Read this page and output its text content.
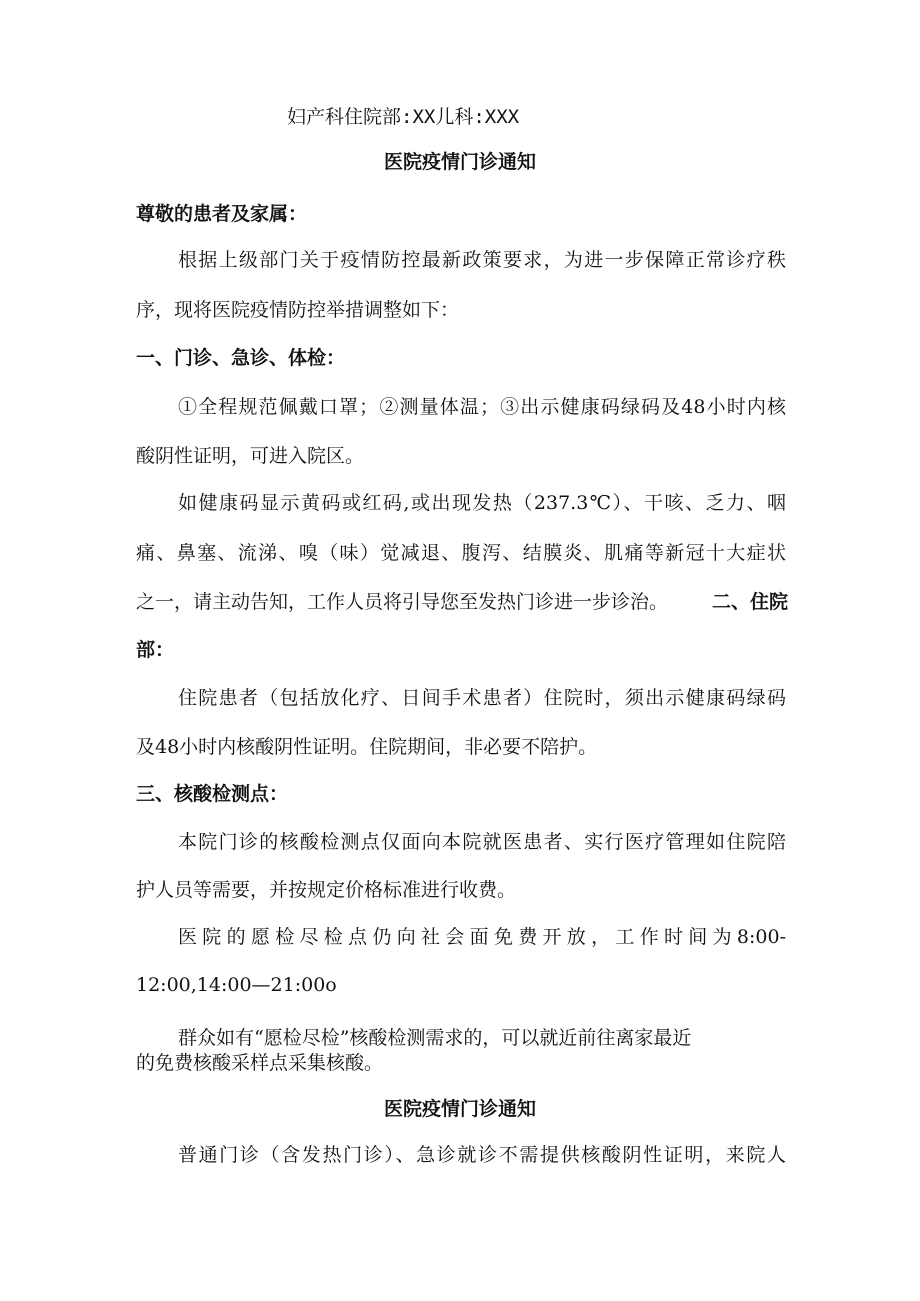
妇产科住院部:XX儿科:XXX
医院疫情门诊通知
尊敬的患者及家属：
根据上级部门关于疫情防控最新政策要求，为进一步保障正常诊疗秩
序，现将医院疫情防控举措调整如下：
一、门诊、急诊、体检：
①全程规范佩戴口罩；②测量体温；③出示健康码绿码及48小时内核
酸阴性证明，可进入院区。
如健康码显示黄码或红码,或出现发热（237.3℃）、干咳、乏力、咽
痛、鼻塞、流涕、嗅（味）觉减退、腹泻、结膜炎、肌痛等新冠十大症状
之一，请主动告知，工作人员将引导您至发热门诊进一步诊治。	二、住院
部：
住院患者（包括放化疗、日间手术患者）住院时，须出示健康码绿码
及48小时内核酸阴性证明。住院期间，非必要不陪护。
三、核酸检测点：
本院门诊的核酸检测点仅面向本院就医患者、实行医疗管理如住院陪
护人员等需要，并按规定价格标准进行收费。
医院的愿检尽检点仍向社会面免费开放，工作时间为8:00-
12:00,14:00—21:00o
群众如有“愿检尽检”核酸检测需求的，可以就近前往离家最近
的免费核酸采样点采集核酸。
医院疫情门诊通知
普通门诊（含发热门诊）、急诊就诊不需提供核酸阴性证明，来院人
